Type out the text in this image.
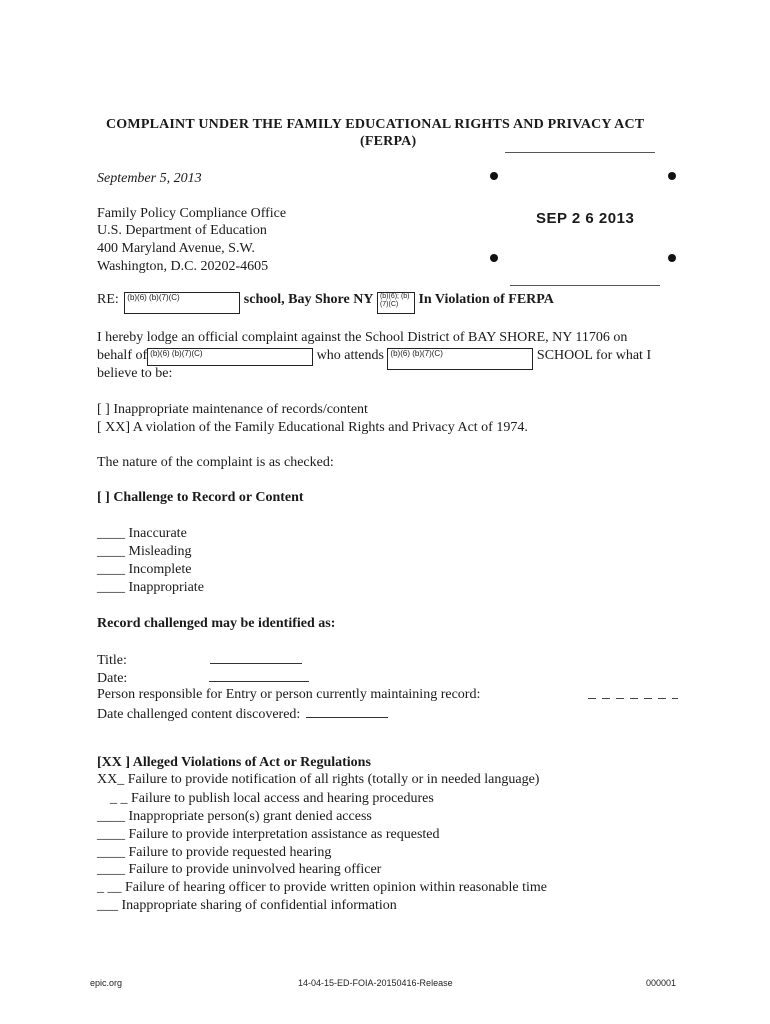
COMPLAINT UNDER THE FAMILY EDUCATIONAL RIGHTS AND PRIVACY ACT
(FERPA)
September 5, 2013
SEP 2 6 2013
Family Policy Compliance Office
U.S. Department of Education
400 Maryland Avenue, S.W.
Washington, D.C. 20202-4605
RE: (b)(6) (b)(7)(C)	school, Bay Shore NY (b)(6); (b)(7)(C) In Violation of FERPA
I hereby lodge an official complaint against the School District of BAY SHORE, NY 11706 on
behalf of (b)(6) (b)(7)(C)	who attends (b)(6) (b)(7)(C)	SCHOOL for what I
believe to be:
[ ] Inappropriate maintenance of records/content
[ XX] A violation of the Family Educational Rights and Privacy Act of 1974.
The nature of the complaint is as checked:
[ ] Challenge to Record or Content
____ Inaccurate
____ Misleading
____ Incomplete
____ Inappropriate
Record challenged may be identified as:
Title:
Date:
Person responsible for Entry or person currently maintaining record:
Date challenged content discovered:
[XX ] Alleged Violations of Act or Regulations
XX_ Failure to provide notification of all rights (totally or in needed language)
_ _ Failure to publish local access and hearing procedures
____ Inappropriate person(s) grant denied access
____ Failure to provide interpretation assistance as requested
____ Failure to provide requested hearing
____ Failure to provide uninvolved hearing officer
_ __ Failure of hearing officer to provide written opinion within reasonable time
___ Inappropriate sharing of confidential information
epic.org	14-04-15-ED-FOIA-20150416-Release	000001
